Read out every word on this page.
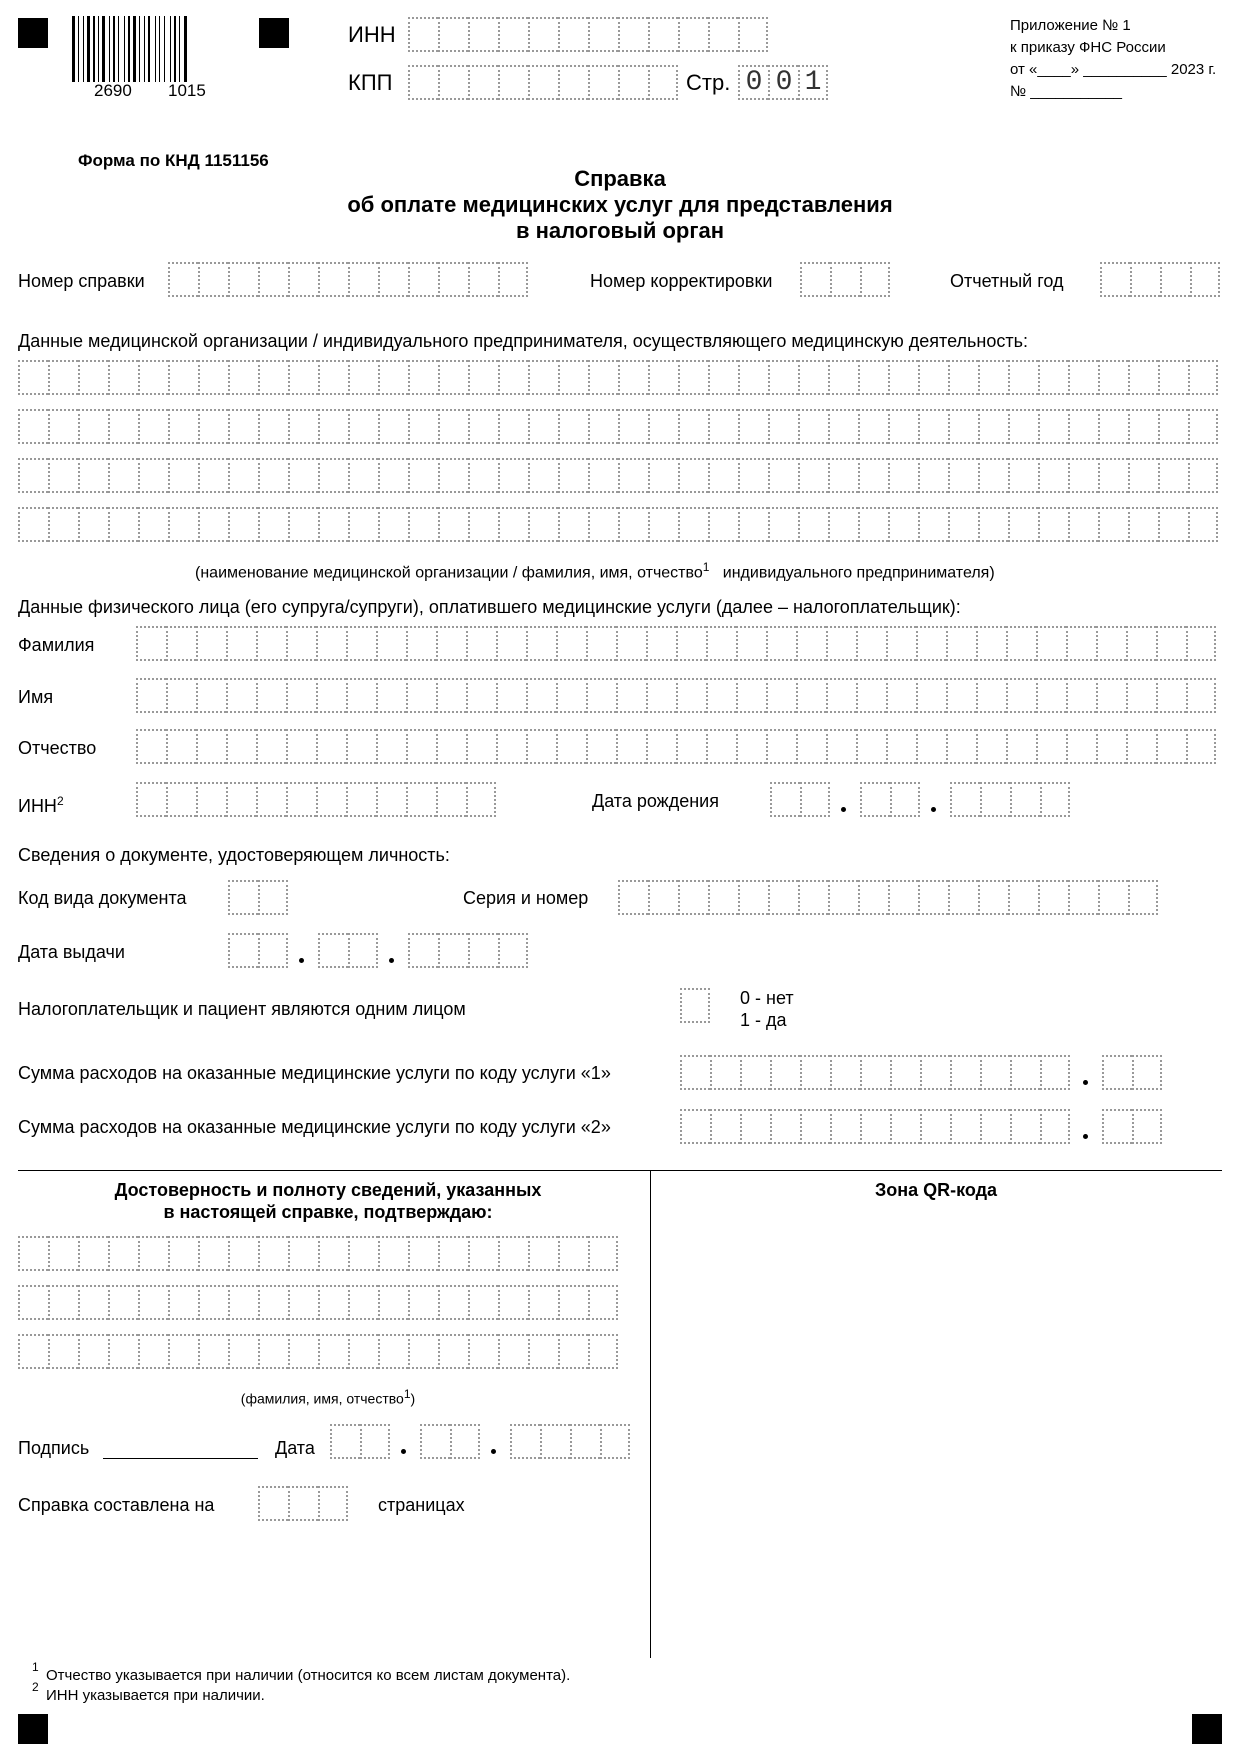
2690 1015
ИНН
КПП	Стр. 0 0 1
Приложение № 1
к приказу ФНС России
от «____» __________ 2023 г.
№ ___________
Форма по КНД 1151156
Справка
об оплате медицинских услуг для представления
в налоговый орган
Номер справки	Номер корректировки	Отчетный год
Данные медицинской организации / индивидуального предпринимателя, осуществляющего медицинскую деятельность:
(наименование медицинской организации / фамилия, имя, отчество$^1$ индивидуального предпринимателя)
Данные физического лица (его супруга/супруги), оплатившего медицинские услуги (далее – налогоплательщик):
Фамилия
Имя
Отчество
ИНН$^2$	Дата рождения
Сведения о документе, удостоверяющем личность:
Код вида документа	Серия и номер
Дата выдачи
Налогоплательщик и пациент являются одним лицом
0 - нет
1 - да
Сумма расходов на оказанные медицинские услуги по коду услуги «1»
Сумма расходов на оказанные медицинские услуги по коду услуги «2»
Достоверность и полноту сведений, указанных
в настоящей справке, подтверждаю:
(фамилия, имя, отчество$^1$)
Подпись	Дата
Справка составлена на	страницах
Зона QR-кода
1
2
Отчество указывается при наличии (относится ко всем листам документа).
ИНН указывается при наличии.
